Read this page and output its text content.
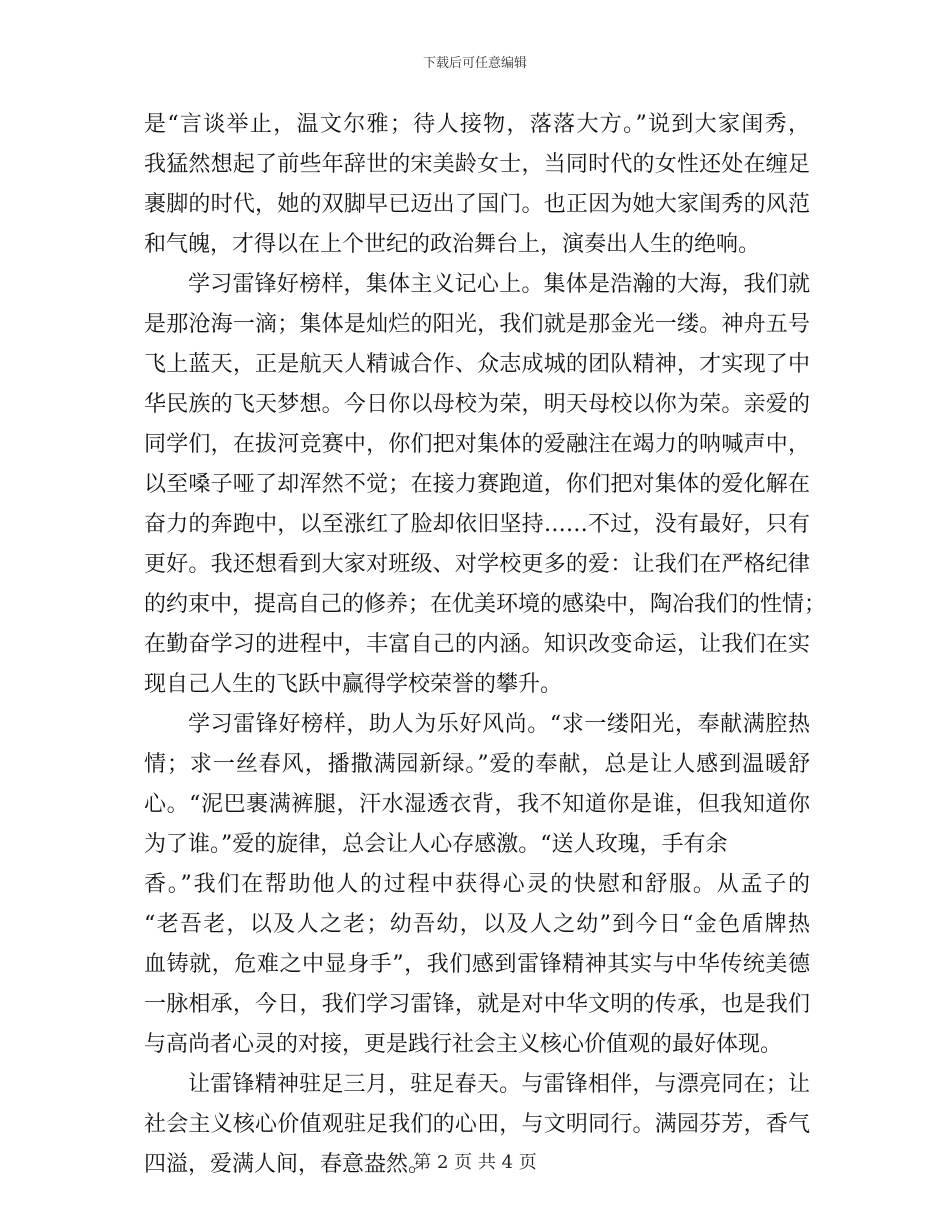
下载后可任意编辑
是“言谈举止，温文尔雅；待人接物，落落大方。”说到大家闺秀，
我猛然想起了前些年辞世的宋美龄女士，当同时代的女性还处在缠足
裹脚的时代，她的双脚早已迈出了国门。也正因为她大家闺秀的风范
和气魄，才得以在上个世纪的政治舞台上，演奏出人生的绝响。
学习雷锋好榜样，集体主义记心上。集体是浩瀚的大海，我们就
是那沧海一滴；集体是灿烂的阳光，我们就是那金光一缕。神舟五号
飞上蓝天，正是航天人精诚合作、众志成城的团队精神，才实现了中
华民族的飞天梦想。今日你以母校为荣，明天母校以你为荣。亲爱的
同学们，在拔河竞赛中，你们把对集体的爱融注在竭力的呐喊声中，
以至嗓子哑了却浑然不觉；在接力赛跑道，你们把对集体的爱化解在
奋力的奔跑中，以至涨红了脸却依旧坚持……不过，没有最好，只有
更好。我还想看到大家对班级、对学校更多的爱：让我们在严格纪律
的约束中，提高自己的修养；在优美环境的感染中，陶冶我们的性情；
在勤奋学习的进程中，丰富自己的内涵。知识改变命运，让我们在实
现自己人生的飞跃中赢得学校荣誉的攀升。
学习雷锋好榜样，助人为乐好风尚。“求一缕阳光，奉献满腔热
情；求一丝春风，播撒满园新绿。”爱的奉献，总是让人感到温暖舒
心。“泥巴裹满裤腿，汗水湿透衣背，我不知道你是谁，但我知道你
为了谁。”爱的旋律，总会让人心存感激。“送人玫瑰，手有余
香。”我们在帮助他人的过程中获得心灵的快慰和舒服。从孟子的
“老吾老，以及人之老；幼吾幼，以及人之幼”到今日“金色盾牌热
血铸就，危难之中显身手”，我们感到雷锋精神其实与中华传统美德
一脉相承，今日，我们学习雷锋，就是对中华文明的传承，也是我们
与高尚者心灵的对接，更是践行社会主义核心价值观的最好体现。
让雷锋精神驻足三月，驻足春天。与雷锋相伴，与漂亮同在；让
社会主义核心价值观驻足我们的心田，与文明同行。满园芬芳，香气
四溢，爱满人间，春意盎然。
第 2 页 共 4 页
